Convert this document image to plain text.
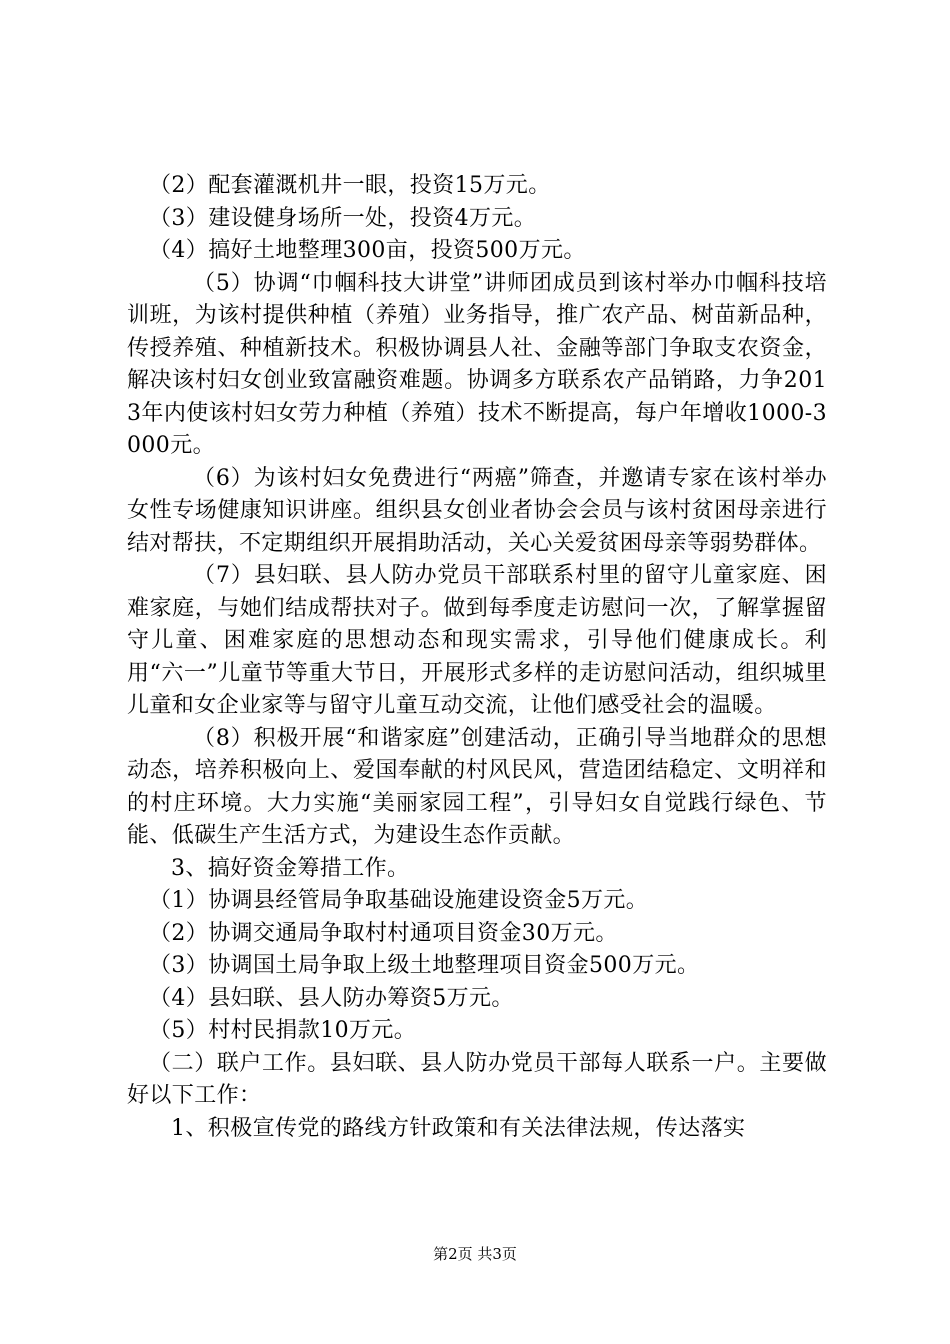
（2）配套灌溉机井一眼，投资15万元。

（3）建设健身场所一处，投资4万元。

（4）搞好土地整理300亩，投资500万元。

（5）协调“巾帼科技大讲堂”讲师团成员到该村举办巾帼科技培训班，为该村提供种植（养殖）业务指导，推广农产品、树苗新品种，传授养殖、种植新技术。积极协调县人社、金融等部门争取支农资金，解决该村妇女创业致富融资难题。协调多方联系农产品销路，力争2013年内使该村妇女劳力种植（养殖）技术不断提高，每户年增收1000-3000元。

（6）为该村妇女免费进行“两癌”筛查，并邀请专家在该村举办女性专场健康知识讲座。组织县女创业者协会会员与该村贫困母亲进行结对帮扶，不定期组织开展捐助活动，关心关爱贫困母亲等弱势群体。

（7）县妇联、县人防办党员干部联系村里的留守儿童家庭、困难家庭，与她们结成帮扶对子。做到每季度走访慰问一次，了解掌握留守儿童、困难家庭的思想动态和现实需求，引导他们健康成长。利用“六一”儿童节等重大节日，开展形式多样的走访慰问活动，组织城里儿童和女企业家等与留守儿童互动交流，让他们感受社会的温暖。

（8）积极开展“和谐家庭”创建活动，正确引导当地群众的思想动态，培养积极向上、爱国奉献的村风民风，营造团结稳定、文明祥和的村庄环境。大力实施“美丽家园工程”，引导妇女自觉践行绿色、节能、低碳生产生活方式，为建设生态作贡献。

3、搞好资金筹措工作。

（1）协调县经管局争取基础设施建设资金5万元。

（2）协调交通局争取村村通项目资金30万元。

（3）协调国土局争取上级土地整理项目资金500万元。

（4）县妇联、县人防办筹资5万元。

（5）村村民捐款10万元。

（二）联户工作。县妇联、县人防办党员干部每人联系一户。主要做好以下工作：

1、积极宣传党的路线方针政策和有关法律法规，传达落实

第2页 共3页
